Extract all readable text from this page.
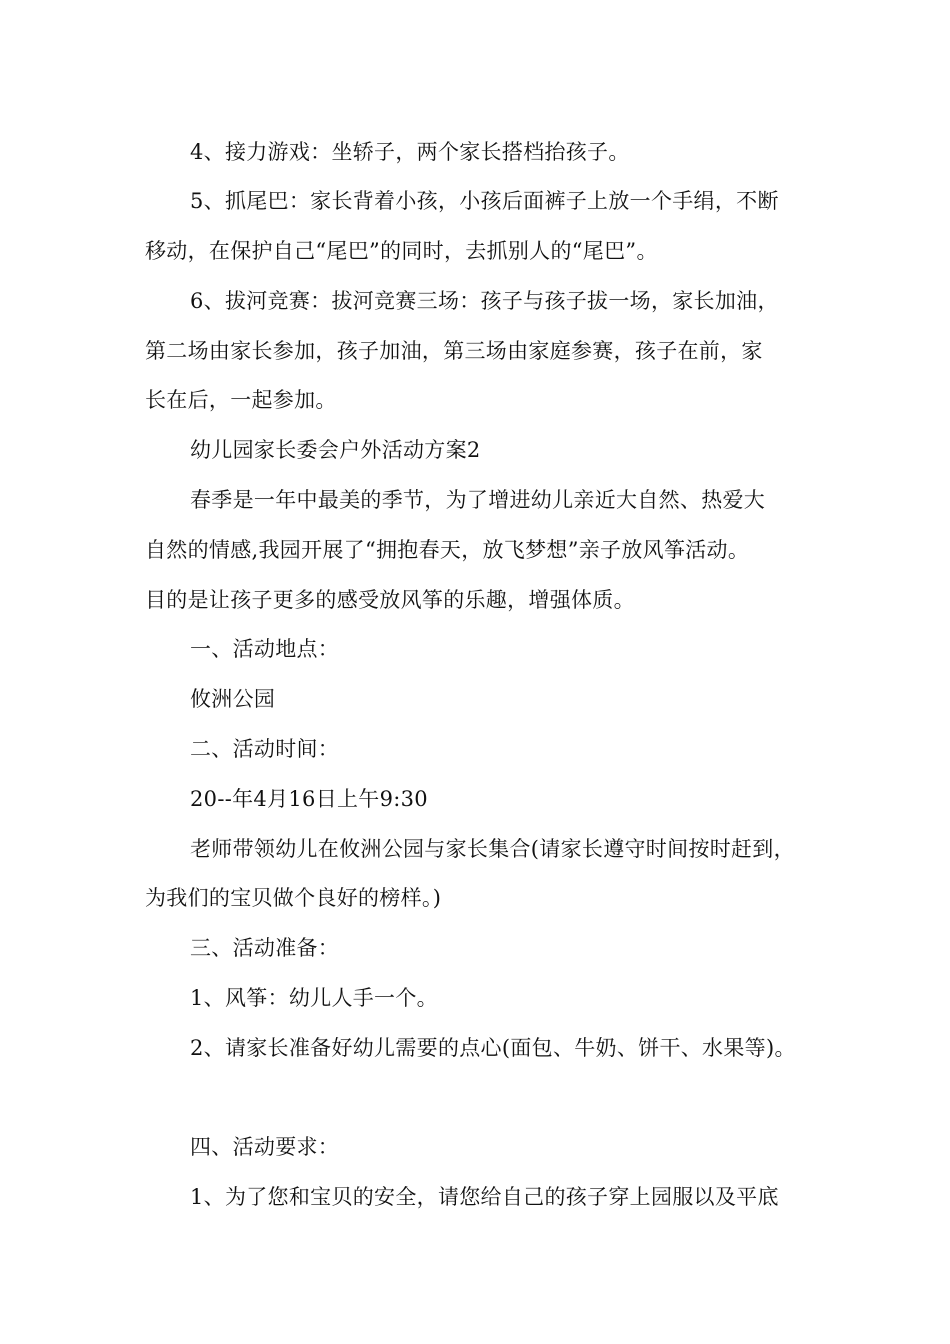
4、接力游戏：坐轿子，两个家长搭档抬孩子。
5、抓尾巴：家长背着小孩，小孩后面裤子上放一个手绢，不断
移动，在保护自己“尾巴”的同时，去抓别人的“尾巴”。
6、拔河竞赛：拔河竞赛三场：孩子与孩子拔一场，家长加油，
第二场由家长参加，孩子加油，第三场由家庭参赛，孩子在前，家
长在后，一起参加。
幼儿园家长委会户外活动方案2
春季是一年中最美的季节，为了增进幼儿亲近大自然、热爱大
自然的情感,我园开展了“拥抱春天，放飞梦想”亲子放风筝活动。
目的是让孩子更多的感受放风筝的乐趣，增强体质。
一、活动地点：
攸洲公园
二、活动时间：
20--年4月16日上午9:30
老师带领幼儿在攸洲公园与家长集合(请家长遵守时间按时赶到，
为我们的宝贝做个良好的榜样。)
三、活动准备：
1、风筝：幼儿人手一个。
2、请家长准备好幼儿需要的点心(面包、牛奶、饼干、水果等)。
四、活动要求：
1、为了您和宝贝的安全，请您给自己的孩子穿上园服以及平底
